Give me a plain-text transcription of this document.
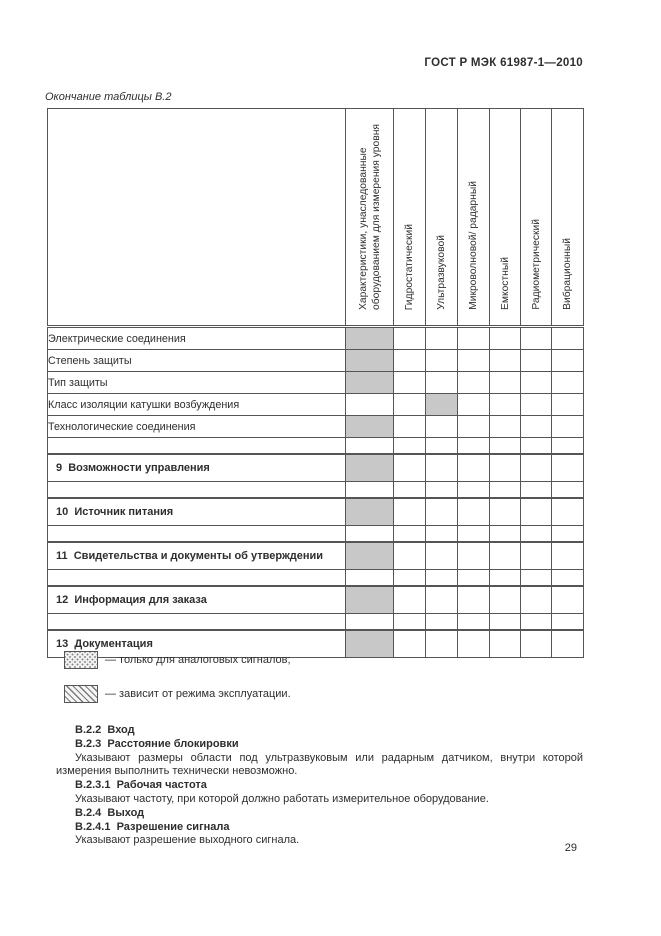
ГОСТ Р МЭК 61987-1—2010
Окончание таблицы В.2
	Характеристики, унаследованные оборудованием для измерения уровня	Гидростатический	Ультразвуковой	Микроволновой/ радарный	Емкостный	Радиометрический	Вибрационный
Электрические соединения							
Степень защиты							
Тип защиты							
Класс изоляции катушки возбуждения							
Технологические соединения							

9  Возможности управления							

10  Источник питания							

11  Свидетельства и документы об утверждении							

12  Информация для заказа							

13  Документация							
— только для аналоговых сигналов;
— зависит от режима эксплуатации.

В.2.2  Вход

В.2.3  Расстояние блокировки

Указывают размеры области под ультразвуковым или радарным датчиком, внутри которой измерения выполнить технически невозможно.

В.2.3.1  Рабочая частота

Указывают частоту, при которой должно работать измерительное оборудование.

В.2.4  Выход

В.2.4.1  Разрешение сигнала

Указывают разрешение выходного сигнала.

29
